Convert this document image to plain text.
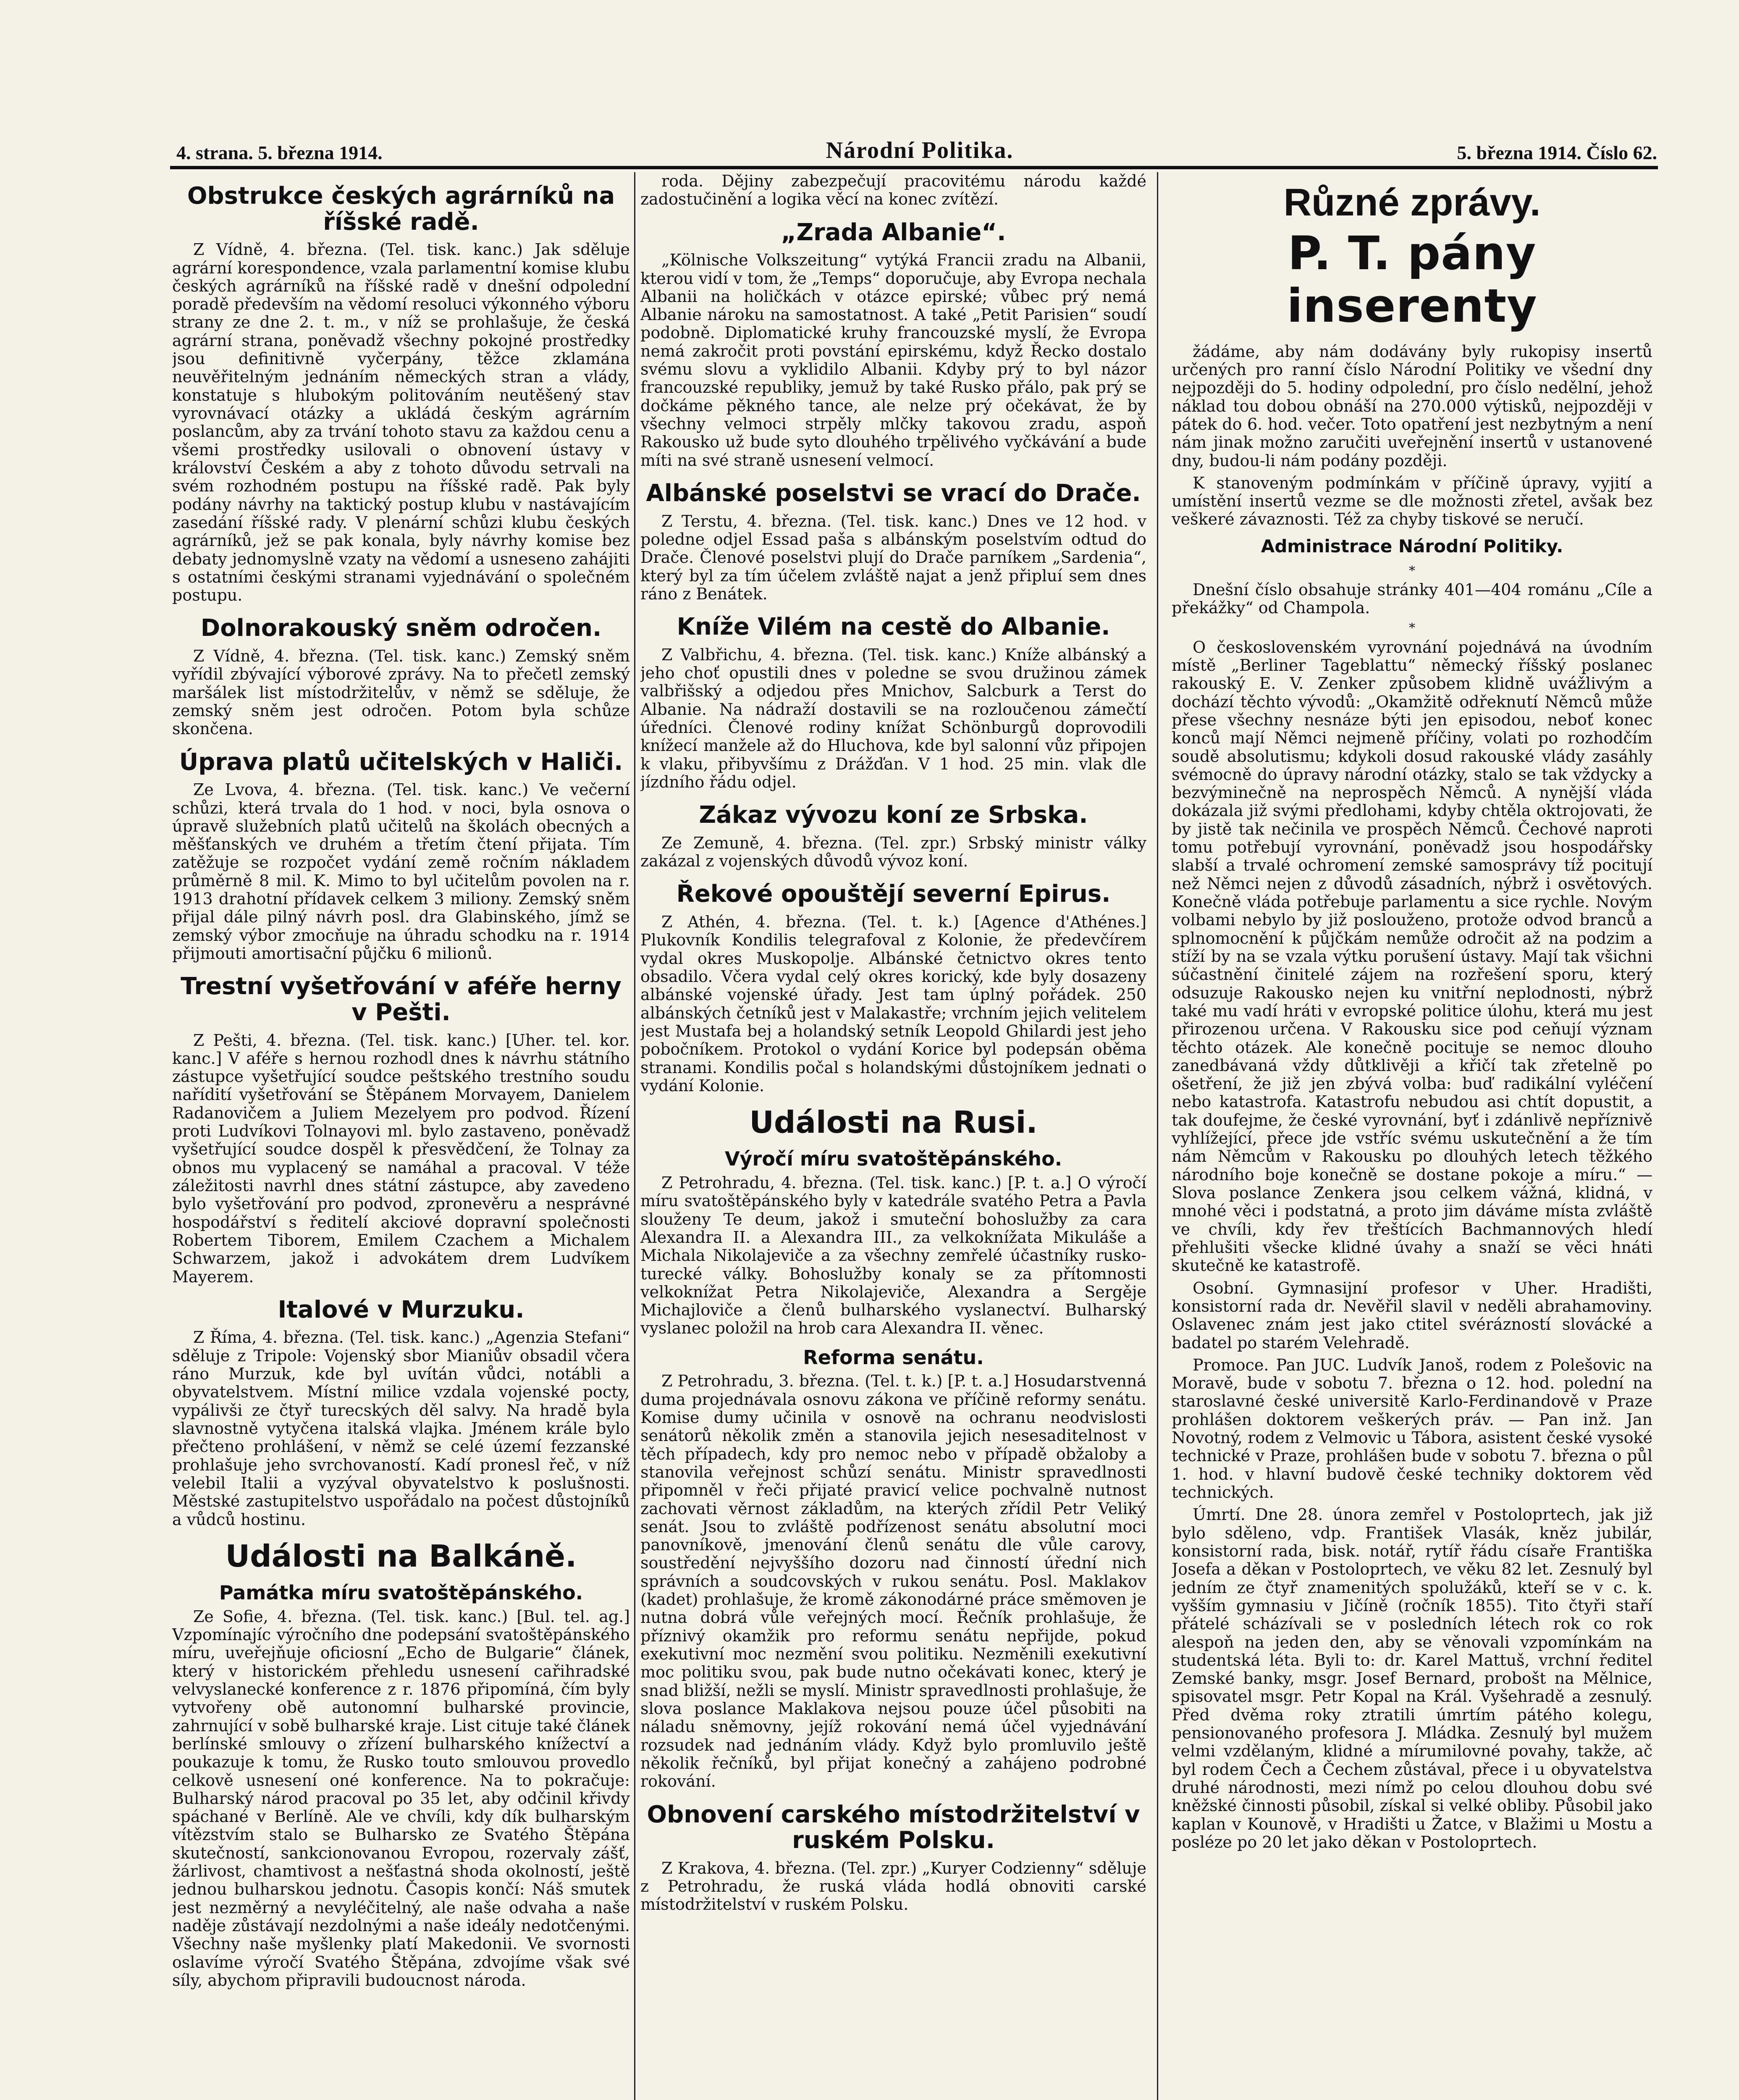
4. strana. 5. března 1914.	Národní Politika.	5. března 1914. Číslo 62.
Obstrukce českých agrárníků na říšské radě.

Z Vídně, 4. března. (Tel. tisk. kanc.) Jak sděluje agrární korespondence, vzala parlamentní komise klubu českých agrárníků na říšské radě v dnešní odpolední poradě především na vědomí resoluci výkonného výboru strany ze dne 2. t. m., v níž se prohlašuje, že česká agrární strana, poněvadž všechny pokojné prostředky jsou definitivně vyčerpány, těžce zklamána neuvěřitelným jednáním německých stran a vlády, konstatuje s hlubokým politováním neutěšený stav vyrovnávací otázky a ukládá českým agrárním poslancům, aby za trvání tohoto stavu za každou cenu a všemi prostředky usilovali o obnovení ústavy v království Českém a aby z tohoto důvodu setrvali na svém rozhodném postupu na říšské radě. Pak byly podány návrhy na taktický postup klubu v nastávajícím zasedání říšské rady. V plenární schůzi klubu českých agrárníků, jež se pak konala, byly návrhy komise bez debaty jednomyslně vzaty na vědomí a usneseno zahájiti s ostatními českými stranami vyjednávání o společném postupu.

Dolnorakouský sněm odročen.

Z Vídně, 4. března. (Tel. tisk. kanc.) Zemský sněm vyřídil zbývající výborové zprávy. Na to přečetl zemský maršálek list místodržitelův, v němž se sděluje, že zemský sněm jest odročen. Potom byla schůze skončena.

Úprava platů učitelských v Haliči.

Ze Lvova, 4. března. (Tel. tisk. kanc.) Ve večerní schůzi, která trvala do 1 hod. v noci, byla osnova o úpravě služebních platů učitelů na školách obecných a měšťanských ve druhém a třetím čtení přijata. Tím zatěžuje se rozpočet vydání země ročním nákladem průměrně 8 mil. K. Mimo to byl učitelům povolen na r. 1913 drahotní přídavek celkem 3 miliony. Zemský sněm přijal dále pilný návrh posl. dra Glabinského, jímž se zemský výbor zmocňuje na úhradu schodku na r. 1914 přijmouti amortisační půjčku 6 milionů.

Trestní vyšetřování v aféře herny v Pešti.

Z Pešti, 4. března. (Tel. tisk. kanc.) [Uher. tel. kor. kanc.] V aféře s hernou rozhodl dnes k návrhu státního zástupce vyšetřující soudce peštského trestního soudu nařídití vyšetřování se Štěpánem Morvayem, Danielem Radanovičem a Juliem Mezelyem pro podvod. Řízení proti Ludvíkovi Tolnayovi ml. bylo zastaveno, poněvadž vyšetřující soudce dospěl k přesvědčení, že Tolnay za obnos mu vyplacený se namáhal a pracoval. V téže záležitosti navrhl dnes státní zástupce, aby zavedeno bylo vyšetřování pro podvod, zpronevěru a nesprávné hospodářství s ředitelí akciové dopravní společnosti Robertem Tiborem, Emilem Czachem a Michalem Schwarzem, jakož i advokátem drem Ludvíkem Mayerem.

Italové v Murzuku.

Z Říma, 4. března. (Tel. tisk. kanc.) „Agenzia Stefani“ sděluje z Tripole: Vojenský sbor Mianiův obsadil včera ráno Murzuk, kde byl uvítán vůdci, notábli a obyvatelstvem. Místní milice vzdala vojenské pocty, vypálivši ze čtyř turecských děl salvy. Na hradě byla slavnostně vytyčena italská vlajka. Jménem krále bylo přečteno prohlášení, v němž se celé území fezzanské prohlašuje jeho svrchovaností. Kadí pronesl řeč, v níž velebil Italii a vyzýval obyvatelstvo k poslušnosti. Městské zastupitelstvo uspořádalo na počest důstojníků a vůdců hostinu.

Události na Balkáně.
Památka míru svatoštěpánského.

Ze Sofie, 4. března. (Tel. tisk. kanc.) [Bul. tel. ag.] Vzpomínajíc výročního dne podepsání svatoštěpánského míru, uveřejňuje oficiosní „Echo de Bulgarie“ článek, který v historickém přehledu usnesení cařihradské velvyslanecké konference z r. 1876 připomíná, čím byly vytvořeny obě autonomní bulharské provincie, zahrnující v sobě bulharské kraje. List cituje také článek berlínské smlouvy o zřízení bulharského knížectví a poukazuje k tomu, že Rusko touto smlouvou provedlo celkově usnesení oné konference. Na to pokračuje: Bulharský národ pracoval po 35 let, aby odčinil křivdy spáchané v Berlíně. Ale ve chvíli, kdy dík bulharským vítězstvím stalo se Bulharsko ze Svatého Štěpána skutečností, sankcionovanou Evropou, rozervaly zášť, žárlivost, chamtivost a nešťastná shoda okolností, ještě jednou bulharskou jednotu. Časopis končí: Náš smutek jest nezměrný a nevyléčitelný, ale naše odvaha a naše naděje zůstávají nezdolnými a naše ideály nedotčenými. Všechny naše myšlenky platí Makedonii. Ve svornosti oslavíme výročí Svatého Štěpána, zdvojíme však své síly, abychom připravili budoucnost národa.

roda. Dějiny zabezpečují pracovitému národu každé zadostučinění a logika věcí na konec zvítězí.

„Zrada Albanie“.

„Kölnische Volkszeitung“ vytýká Francii zradu na Albanii, kterou vidí v tom, že „Temps“ doporučuje, aby Evropa nechala Albanii na holičkách v otázce epirské; vůbec prý nemá Albanie nároku na samostatnost. A také „Petit Parisien“ soudí podobně. Diplomatické kruhy francouzské myslí, že Evropa nemá zakročit proti povstání epirskému, když Řecko dostalo svému slovu a vyklidilo Albanii. Kdyby prý to byl názor francouzské republiky, jemuž by také Rusko přálo, pak prý se dočkáme pěkného tance, ale nelze prý očekávat, že by všechny velmoci strpěly mlčky takovou zradu, aspoň Rakousko už bude syto dlouhého trpělivého vyčkávání a bude míti na své straně usnesení velmocí.

Albánské poselstvi se vrací do Drače.

Z Terstu, 4. března. (Tel. tisk. kanc.) Dnes ve 12 hod. v poledne odjel Essad paša s albánským poselstvím odtud do Drače. Členové poselstvi plují do Drače parníkem „Sardenia“, který byl za tím účelem zvláště najat a jenž připluí sem dnes ráno z Benátek.

Kníže Vilém na cestě do Albanie.

Z Valbřichu, 4. března. (Tel. tisk. kanc.) Kníže albánský a jeho choť opustili dnes v poledne se svou družinou zámek valbřišský a odjedou přes Mnichov, Salcburk a Terst do Albanie. Na nádraží dostavili se na rozloučenou zámečtí úředníci. Členové rodiny knížat Schönburgů doprovodili knížecí manžele až do Hluchova, kde byl salonní vůz připojen k vlaku, přibyvšímu z Drážďan. V 1 hod. 25 min. vlak dle jízdního řádu odjel.

Zákaz vývozu koní ze Srbska.

Ze Zemuně, 4. března. (Tel. zpr.) Srbský ministr války zakázal z vojenských důvodů vývoz koní.

Řekové opouštějí severní Epirus.

Z Athén, 4. března. (Tel. t. k.) [Agence d'Athénes.] Plukovník Kondilis telegrafoval z Kolonie, že předevčírem vydal okres Muskopolje. Albánské četnictvo okres tento obsadilo. Včera vydal celý okres korický, kde byly dosazeny albánské vojenské úřady. Jest tam úplný pořádek. 250 albánských četníků jest v Malakastře; vrchním jejich velitelem jest Mustafa bej a holandský setník Leopold Ghilardi jest jeho pobočníkem. Protokol o vydání Korice byl podepsán oběma stranami. Kondilis počal s holandskými důstojníkem jednati o vydání Kolonie.

Události na Rusi.
Výročí míru svatoštěpánského.

Z Petrohradu, 4. března. (Tel. tisk. kanc.) [P. t. a.] O výročí míru svatoštěpánského byly v katedrále svatého Petra a Pavla slouženy Te deum, jakož i smuteční bohoslužby za cara Alexandra II. a Alexandra III., za velkoknížata Mikuláše a Michala Nikolajeviče a za všechny zemřelé účastníky rusko-turecké války. Bohoslužby konaly se za přítomnosti velkoknížat Petra Nikolajeviče, Alexandra a Sergěje Michajloviče a členů bulharského vyslanectví. Bulharský vyslanec položil na hrob cara Alexandra II. věnec.

Reforma senátu.

Z Petrohradu, 3. března. (Tel. t. k.) [P. t. a.] Hosudarstvenná duma projednávala osnovu zákona ve příčině reformy senátu. Komise dumy učinila v osnově na ochranu neodvislosti senátorů několik změn a stanovila jejich nesesaditelnost v těch případech, kdy pro nemoc nebo v případě obžaloby a stanovila veřejnost schůzí senátu. Ministr spravedlnosti připomněl v řeči přijaté pravicí velice pochvalně nutnost zachovati věrnost základům, na kterých zřídil Petr Veliký senát. Jsou to zvláště podřízenost senátu absolutní moci panovníkově, jmenování členů senátu dle vůle carovy, soustředění nejvyššího dozoru nad činností úřední nich správních a soudcovských v rukou senátu. Posl. Maklakov (kadet) prohlašuje, že kromě zákonodárné práce směmoven je nutna dobrá vůle veřejných mocí. Řečník prohlašuje, že příznivý okamžik pro reformu senátu nepřijde, pokud exekutivní moc nezmění svou politiku. Nezměnili exekutivní moc politiku svou, pak bude nutno očekávati konec, který je snad bližší, nežli se myslí. Ministr spravedlnosti prohlašuje, že slova poslance Maklakova nejsou pouze účel působiti na náladu sněmovny, jejíž rokování nemá účel vyjednávání rozsudek nad jednáním vlády. Když bylo promluvilo ještě několik řečníků, byl přijat konečný a zahájeno podrobné rokování.

Obnovení carského místodržitelství v ruském Polsku.

Z Krakova, 4. března. (Tel. zpr.) „Kuryer Codzienny“ sděluje z Petrohradu, že ruská vláda hodlá obnoviti carské místodržitelství v ruském Polsku.

Různé zprávy.
P. T. pány inserenty

žádáme, aby nám dodávány byly rukopisy insertů určených pro ranní číslo Národní Politiky ve všední dny nejpozději do 5. hodiny odpolední, pro číslo nedělní, jehož náklad tou dobou obnáší na 270.000 výtisků, nejpozději v pátek do 6. hod. večer. Toto opatření jest nezbytným a není nám jinak možno zaručiti uveřejnění insertů v ustanovené dny, budou-li nám podány později.

K stanoveným podmínkám v příčině úpravy, vyjití a umístění insertů vezme se dle možnosti zřetel, avšak bez veškeré závaznosti. Též za chyby tiskové se neručí.

Administrace Národní Politiky.
*

Dnešní číslo obsahuje stránky 401—404 románu „Cíle a překážky“ od Champola.

*

O československém vyrovnání pojednává na úvodním místě „Berliner Tageblattu“ německý říšský poslanec rakouský E. V. Zenker způsobem klidně uvážlivým a dochází těchto vývodů: „Okamžitě odřeknutí Němců může přese všechny nesnáze býti jen episodou, neboť konec konců mají Němci nejmeně příčiny, volati po rozhodčím soudě absolutismu; kdykoli dosud rakouské vlády zasáhly svémocně do úpravy národní otázky, stalo se tak vždycky a bezvýminečně na neprospěch Němců. A nynější vláda dokázala již svými předlohami, kdyby chtěla oktrojovati, že by jistě tak nečinila ve prospěch Němců. Čechové naproti tomu potřebují vyrovnání, poněvadž jsou hospodářsky slabší a trvalé ochromení zemské samosprávy tíž pocitují než Němci nejen z důvodů zásadních, nýbrž i osvětových. Konečně vláda potřebuje parlamentu a sice rychle. Novým volbami nebylo by již poslouženo, protože odvod branců a splnomocnění k půjčkám nemůže odročit až na podzim a stíží by na se vzala výtku porušení ústavy. Mají tak všichni súčastnění činitelé zájem na rozřešení sporu, který odsuzuje Rakousko nejen ku vnitřní neplodnosti, nýbrž také mu vadí hráti v evropské politice úlohu, která mu jest přirozenou určena. V Rakousku sice pod ceňují význam těchto otázek. Ale konečně pocituje se nemoc dlouho zanedbávaná vždy důtklivěji a křičí tak zřetelně po ošetření, že již jen zbývá volba: buď radikální vyléčení nebo katastrofa. Katastrofu nebudou asi chtít dopustit, a tak doufejme, že české vyrovnání, byť i zdánlivě nepříznivě vyhlížející, přece jde vstříc svému uskutečnění a že tím nám Němcům v Rakousku po dlouhých letech těžkého národního boje konečně se dostane pokoje a míru.“ — Slova poslance Zenkera jsou celkem vážná, klidná, v mnohé věci i podstatná, a proto jim dáváme místa zvláště ve chvíli, kdy řev třeštících Bachmannových hledí přehlušiti všecke klidné úvahy a snaží se věci hnáti skutečně ke katastrofě.

Osobní. Gymnasijní profesor v Uher. Hradišti, konsistorní rada dr. Nevěřil slavil v neděli abrahamoviny. Oslavenec znám jest jako ctitel svérázností slovácké a badatel po starém Velehradě.

Promoce. Pan JUC. Ludvík Janoš, rodem z Polešovic na Moravě, bude v sobotu 7. března o 12. hod. polední na staroslavné české universitě Karlo-Ferdinandově v Praze prohlášen doktorem veškerých práv. — Pan inž. Jan Novotný, rodem z Velmovic u Tábora, asistent české vysoké technické v Praze, prohlášen bude v sobotu 7. března o půl 1. hod. v hlavní budově české techniky doktorem věd technických.

Úmrtí. Dne 28. února zemřel v Postoloprtech, jak již bylo sděleno, vdp. František Vlasák, kněz jubilár, konsistorní rada, bisk. notář, rytíř řádu císaře Františka Josefa a děkan v Postoloprtech, ve věku 82 let. Zesnulý byl jedním ze čtyř znamenitých spolužáků, kteří se v c. k. vyšším gymnasiu v Jičíně (ročník 1855). Tito čtyři staří přátelé scházívali se v posledních létech rok co rok alespoň na jeden den, aby se věnovali vzpomínkám na studentská léta. Byli to: dr. Karel Mattuš, vrchní ředitel Zemské banky, msgr. Josef Bernard, probošt na Mělnice, spisovatel msgr. Petr Kopal na Král. Vyšehradě a zesnulý. Před dvěma roky ztratili úmrtím pátého kolegu, pensionovaného profesora J. Mládka. Zesnulý byl mužem velmi vzdělaným, klidné a mírumilovné povahy, takže, ač byl rodem Čech a Čechem zůstával, přece i u obyvatelstva druhé národnosti, mezi nímž po celou dlouhou dobu své kněžské činnosti působil, získal si velké obliby. Působil jako kaplan v Kounově, v Hradišti u Žatce, v Blažimi u Mostu a posléze po 20 let jako děkan v Postoloprtech.
